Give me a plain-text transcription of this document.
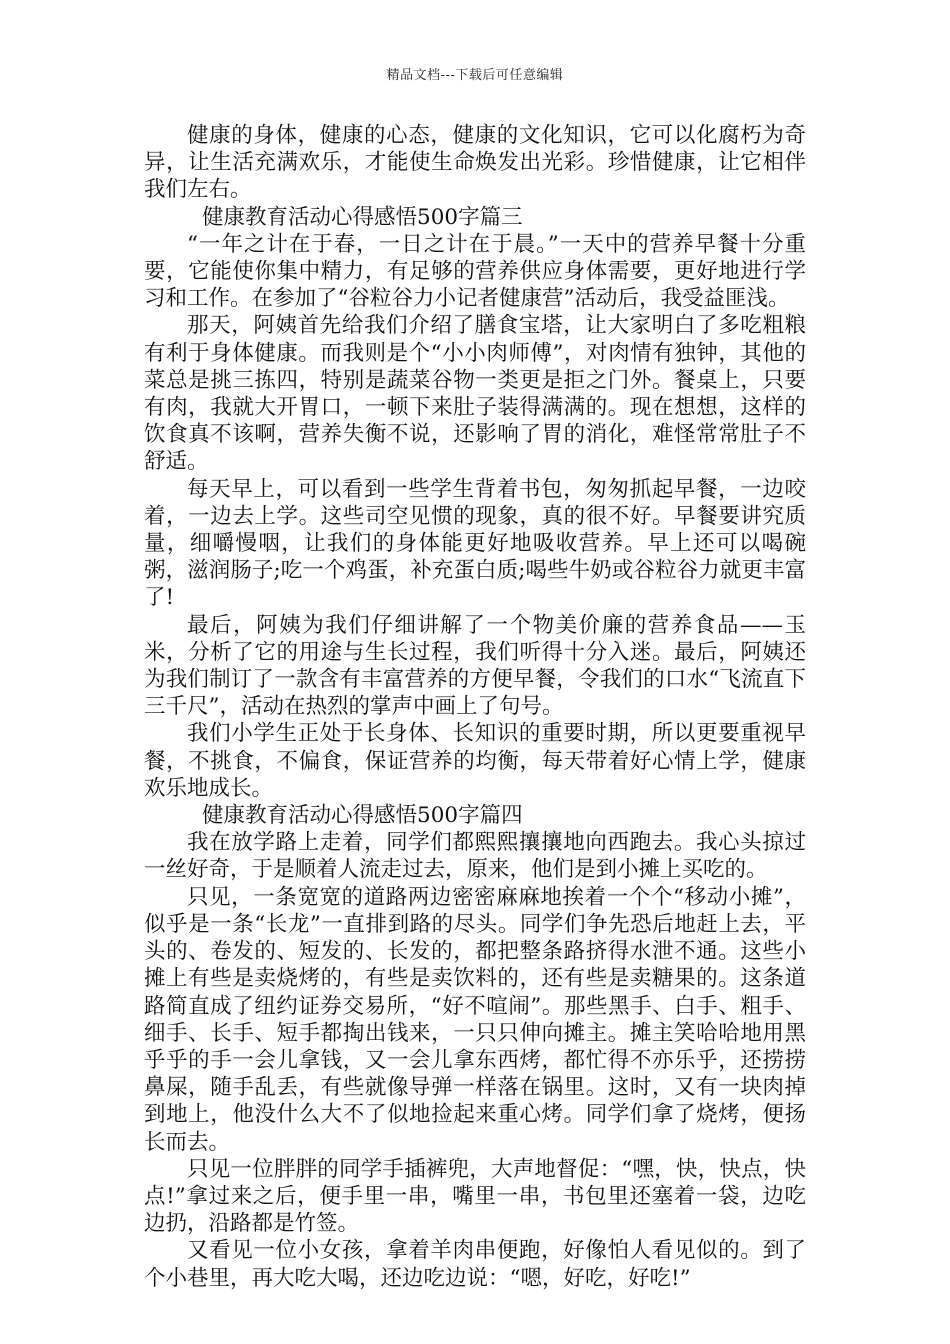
精品文档---下载后可任意编辑

健康的身体，健康的心态，健康的文化知识，它可以化腐朽为奇异，让生活充满欢乐，才能使生命焕发出光彩。珍惜健康，让它相伴我们左右。

健康教育活动心得感悟500字篇三

“一年之计在于春，一日之计在于晨。”一天中的营养早餐十分重要，它能使你集中精力，有足够的营养供应身体需要，更好地进行学习和工作。在参加了“谷粒谷力小记者健康营”活动后，我受益匪浅。

那天，阿姨首先给我们介绍了膳食宝塔，让大家明白了多吃粗粮有利于身体健康。而我则是个“小小肉师傅”，对肉情有独钟，其他的菜总是挑三拣四，特别是蔬菜谷物一类更是拒之门外。餐桌上，只要有肉，我就大开胃口，一顿下来肚子装得满满的。现在想想，这样的饮食真不该啊，营养失衡不说，还影响了胃的消化，难怪常常肚子不舒适。

每天早上，可以看到一些学生背着书包，匆匆抓起早餐，一边咬着，一边去上学。这些司空见惯的现象，真的很不好。早餐要讲究质量，细嚼慢咽，让我们的身体能更好地吸收营养。早上还可以喝碗粥，滋润肠子;吃一个鸡蛋，补充蛋白质;喝些牛奶或谷粒谷力就更丰富了!

最后，阿姨为我们仔细讲解了一个物美价廉的营养食品——玉米，分析了它的用途与生长过程，我们听得十分入迷。最后，阿姨还为我们制订了一款含有丰富营养的方便早餐，令我们的口水“飞流直下三千尺”，活动在热烈的掌声中画上了句号。

我们小学生正处于长身体、长知识的重要时期，所以更要重视早餐，不挑食，不偏食，保证营养的均衡，每天带着好心情上学，健康欢乐地成长。

健康教育活动心得感悟500字篇四

我在放学路上走着，同学们都熙熙攘攘地向西跑去。我心头掠过一丝好奇，于是顺着人流走过去，原来，他们是到小摊上买吃的。

只见，一条宽宽的道路两边密密麻麻地挨着一个个“移动小摊”，似乎是一条“长龙”一直排到路的尽头。同学们争先恐后地赶上去，平头的、卷发的、短发的、长发的，都把整条路挤得水泄不通。这些小摊上有些是卖烧烤的，有些是卖饮料的，还有些是卖糖果的。这条道路简直成了纽约证券交易所，“好不喧闹”。那些黑手、白手、粗手、细手、长手、短手都掏出钱来，一只只伸向摊主。摊主笑哈哈地用黑乎乎的手一会儿拿钱，又一会儿拿东西烤，都忙得不亦乐乎，还捞捞鼻屎，随手乱丢，有些就像导弹一样落在锅里。这时，又有一块肉掉到地上，他没什么大不了似地捡起来重心烤。同学们拿了烧烤，便扬长而去。

只见一位胖胖的同学手插裤兜，大声地督促：“嘿，快，快点，快点!”拿过来之后，便手里一串，嘴里一串，书包里还塞着一袋，边吃边扔，沿路都是竹签。

又看见一位小女孩，拿着羊肉串便跑，好像怕人看见似的。到了个小巷里，再大吃大喝，还边吃边说：“嗯，好吃，好吃!”
